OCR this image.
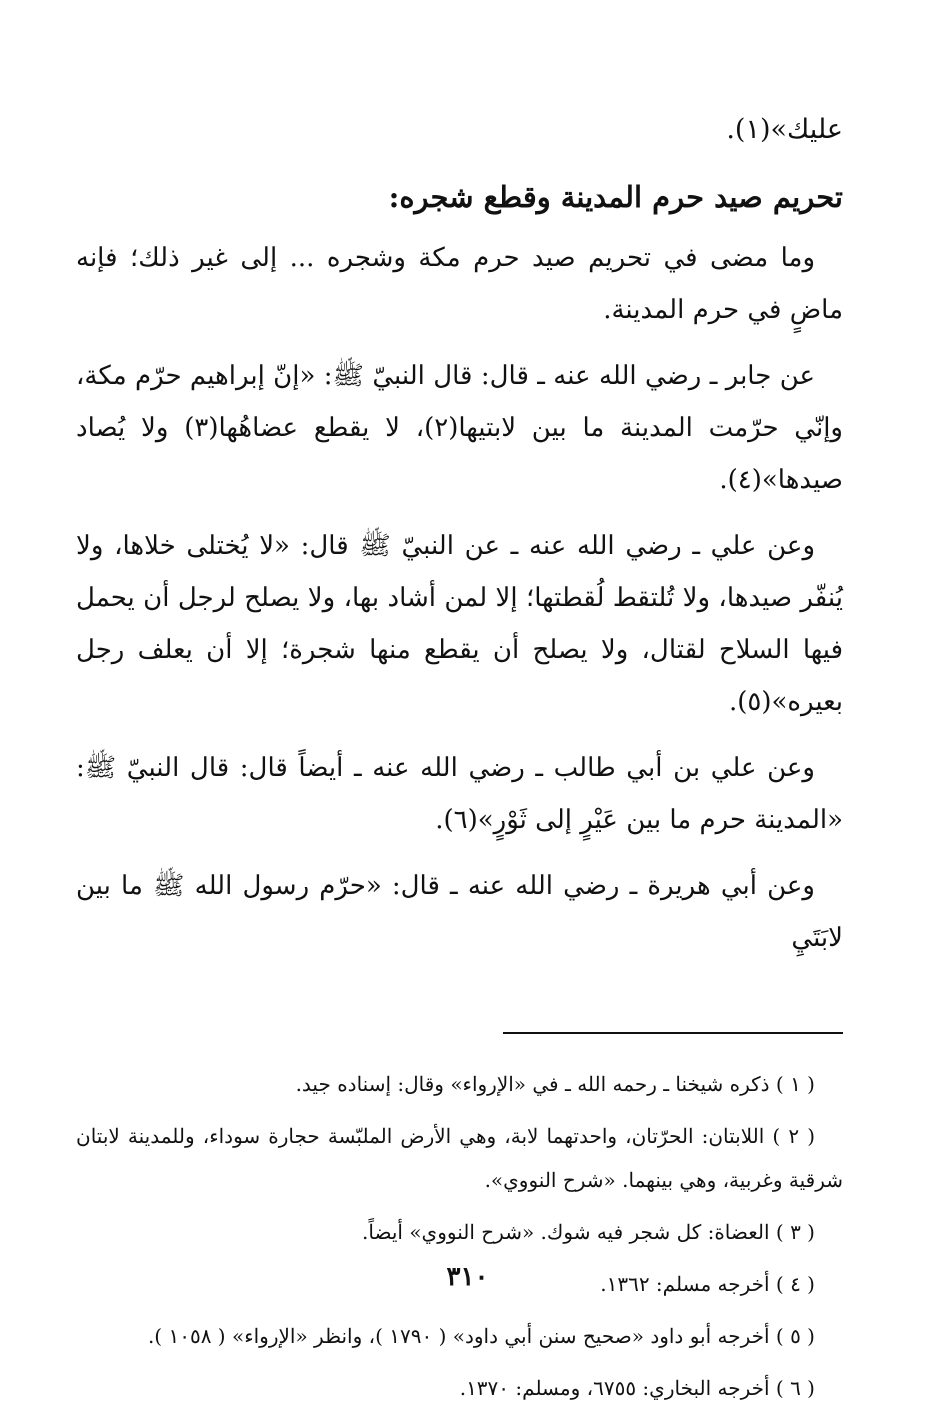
عليك»(١).

تحريم صيد حرم المدينة وقطع شجره:

وما مضى في تحريم صيد حرم مكة وشجره ... إلى غير ذلك؛ فإنه ماضٍ في حرم المدينة.

عن جابر ـ رضي الله عنه ـ قال: قال النبيّ ﷺ: «إنّ إبراهيم حرّم مكة، وإنّي حرّمت المدينة ما بين لابتيها(٢)، لا يقطع عضاهُها(٣) ولا يُصاد صيدها»(٤).

وعن علي ـ رضي الله عنه ـ عن النبيّ ﷺ قال: «لا يُختلى خلاها، ولا يُنفّر صيدها، ولا تُلتقط لُقطتها؛ إلا لمن أشاد بها، ولا يصلح لرجل أن يحمل فيها السلاح لقتال، ولا يصلح أن يقطع منها شجرة؛ إلا أن يعلف رجل بعيره»(٥).

وعن علي بن أبي طالب ـ رضي الله عنه ـ أيضاً قال: قال النبيّ ﷺ: «المدينة حرم ما بين عَيْرٍ إلى ثَوْرٍ»(٦).

وعن أبي هريرة ـ رضي الله عنه ـ قال: «حرّم رسول الله ﷺ ما بين لابَتَيِ

( ١ ) ذكره شيخنا ـ رحمه الله ـ في «الإرواء» وقال: إسناده جيد.

( ٢ ) اللابتان: الحرّتان، واحدتهما لابة، وهي الأرض الملبّسة حجارة سوداء، وللمدينة لابتان شرقية وغربية، وهي بينهما. «شرح النووي».

( ٣ ) العضاة: كل شجر فيه شوك. «شرح النووي» أيضاً.

( ٤ ) أخرجه مسلم: ١٣٦٢.

( ٥ ) أخرجه أبو داود «صحيح سنن أبي داود» ( ١٧٩٠ )، وانظر «الإرواء» ( ١٠٥٨ ).

( ٦ ) أخرجه البخاري: ٦٧٥٥، ومسلم: ١٣٧٠.

٣١٠
